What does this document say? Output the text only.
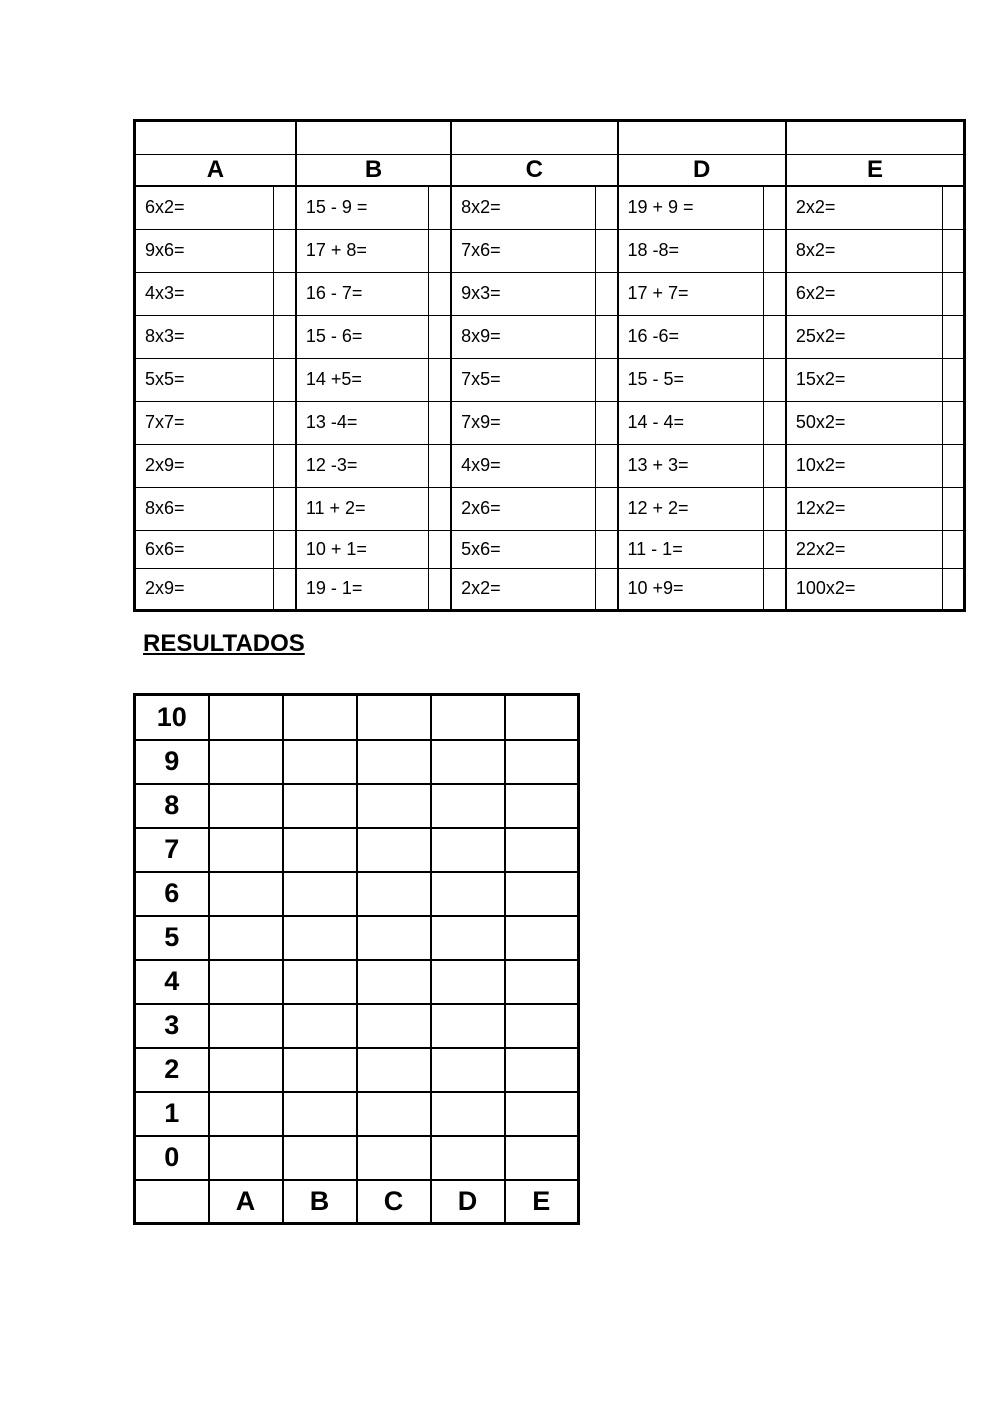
A		B		C		D		E	
6x2=		15 - 9 =		8x2=		19 + 9 =		2x2=	
9x6=		17 + 8=		7x6=		18 -8=		8x2=	
4x3=		16 - 7=		9x3=		17 + 7=		6x2=	
8x3=		15 - 6=		8x9=		16 -6=		25x2=	
5x5=		14 +5=		7x5=		15 - 5=		15x2=	
7x7=		13 -4=		7x9=		14 - 4=		50x2=	
2x9=		12 -3=		4x9=		13 + 3=		10x2=	
8x6=		11 + 2=		2x6=		12 + 2=		12x2=	
6x6=		10 + 1=		5x6=		11 - 1=		22x2=	
2x9=		19 - 1=		2x2=		10 +9=		100x2=	

RESULTADOS

10					
9					
8					
7					
6					
5					
4					
3					
2					
1					
0					
	A	B	C	D	E
